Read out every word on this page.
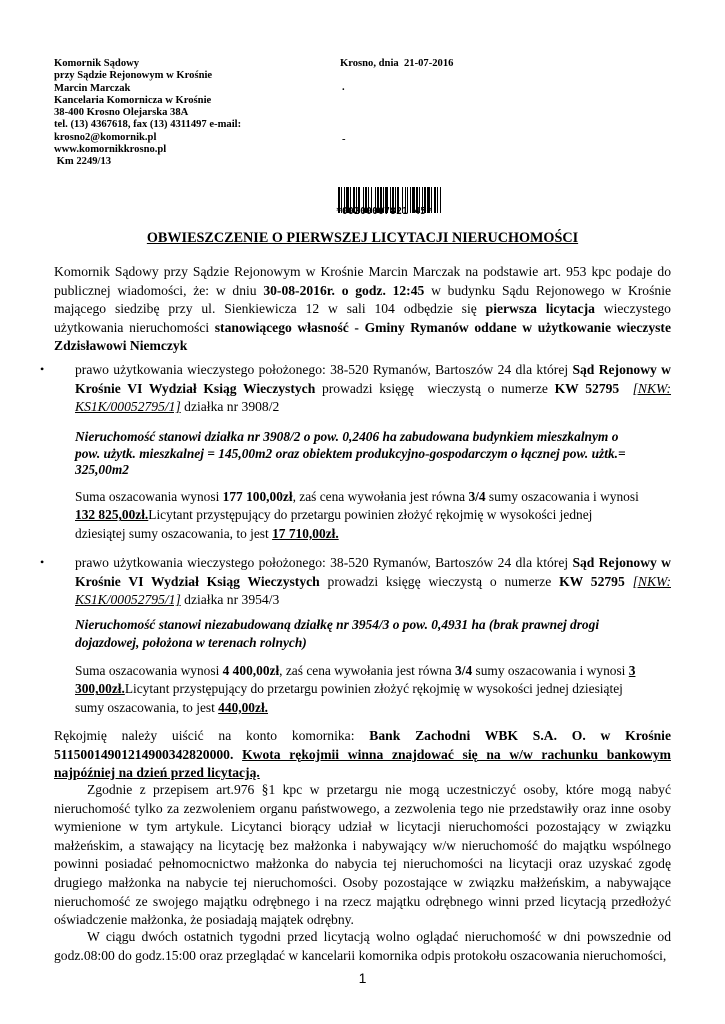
Komornik Sądowy
przy Sądzie Rejonowym w Krośnie
Marcin Marczak
Kancelaria Komornicza w Krośnie
38-400 Krosno Olejarska 38A
tel. (13) 4367618, fax (13) 4311497 e-mail:
krosno2@komornik.pl
www.komornikkrosno.pl
Km 2249/13
Krosno, dnia  21-07-2016
.
-
*00200007821 45*
OBWIESZCZENIE O PIERWSZEJ LICYTACJI NIERUCHOMOŚCI

Komornik Sądowy przy Sądzie Rejonowym w Krośnie Marcin Marczak na podstawie art. 953 kpc podaje do publicznej wiadomości, że: w dniu 30-08-2016r. o godz. 12:45 w budynku Sądu Rejonowego w Krośnie mającego siedzibę przy ul. Sienkiewicza 12 w sali 104 odbędzie się pierwsza licytacja wieczystego użytkowania nieruchomości stanowiącego własność - Gminy Rymanów oddane w użytkowanie wieczyste Zdzisławowi Niemczyk

• prawo użytkowania wieczystego położonego: 38-520 Rymanów, Bartoszów 24 dla której Sąd Rejonowy w Krośnie VI Wydział Ksiąg Wieczystych prowadzi księgę  wieczystą o numerze KW 52795 [NKW: KS1K/00052795/1] działka nr 3908/2

Nieruchomość stanowi działka nr 3908/2 o pow. 0,2406 ha zabudowana budynkiem mieszkalnym o pow. użytk. mieszkalnej = 145,00m2 oraz obiektem produkcyjno-gospodarczym o łącznej pow. użtk.= 325,00m2
Suma oszacowania wynosi 177 100,00zł, zaś cena wywołania jest równa 3/4 sumy oszacowania i wynosi  132 825,00zł.Licytant przystępujący do przetargu powinien złożyć rękojmię w wysokości jednej dziesiątej sumy oszacowania, to jest 17 710,00zł.
• prawo użytkowania wieczystego położonego: 38-520 Rymanów, Bartoszów 24 dla której Sąd Rejonowy w Krośnie VI Wydział Ksiąg Wieczystych prowadzi księgę wieczystą o numerze KW 52795 [NKW: KS1K/00052795/1] działka nr 3954/3

Nieruchomość stanowi niezabudowaną działkę nr 3954/3 o pow. 0,4931 ha (brak prawnej drogi dojazdowej, położona w terenach rolnych)
Suma oszacowania wynosi 4 400,00zł, zaś cena wywołania jest równa 3/4 sumy oszacowania i wynosi 3 300,00zł.Licytant przystępujący do przetargu powinien złożyć rękojmię w wysokości jednej dziesiątej sumy oszacowania, to jest 440,00zł.

Rękojmię należy uiścić na konto komornika: Bank Zachodni WBK S.A. O. w Krośnie 51150014901214900342820000. Kwota rękojmii winna znajdować się na w/w rachunku bankowym najpóźniej na dzień przed licytacją.

Zgodnie z przepisem art.976 §1 kpc w przetargu nie mogą uczestniczyć osoby, które mogą nabyć nieruchomość tylko za zezwoleniem organu państwowego, a zezwolenia tego nie przedstawiły oraz inne osoby wymienione w tym artykule. Licytanci biorący udział w licytacji nieruchomości pozostający w związku małżeńskim, a stawający na licytację bez małżonka i nabywający w/w nieruchomość do majątku wspólnego powinni posiadać pełnomocnictwo małżonka do nabycia tej nieruchomości na licytacji oraz uzyskać zgodę drugiego małżonka na nabycie tej nieruchomości. Osoby pozostające w związku małżeńskim, a nabywające nieruchomość ze swojego majątku odrębnego i na rzecz majątku odrębnego winni przed licytacją przedłożyć oświadczenie małżonka, że posiadają majątek odrębny.

W ciągu dwóch ostatnich tygodni przed licytacją wolno oglądać nieruchomość w dni powszednie od godz.08:00 do godz.15:00 oraz przeglądać w kancelarii komornika odpis protokołu oszacowania nieruchomości,

1
